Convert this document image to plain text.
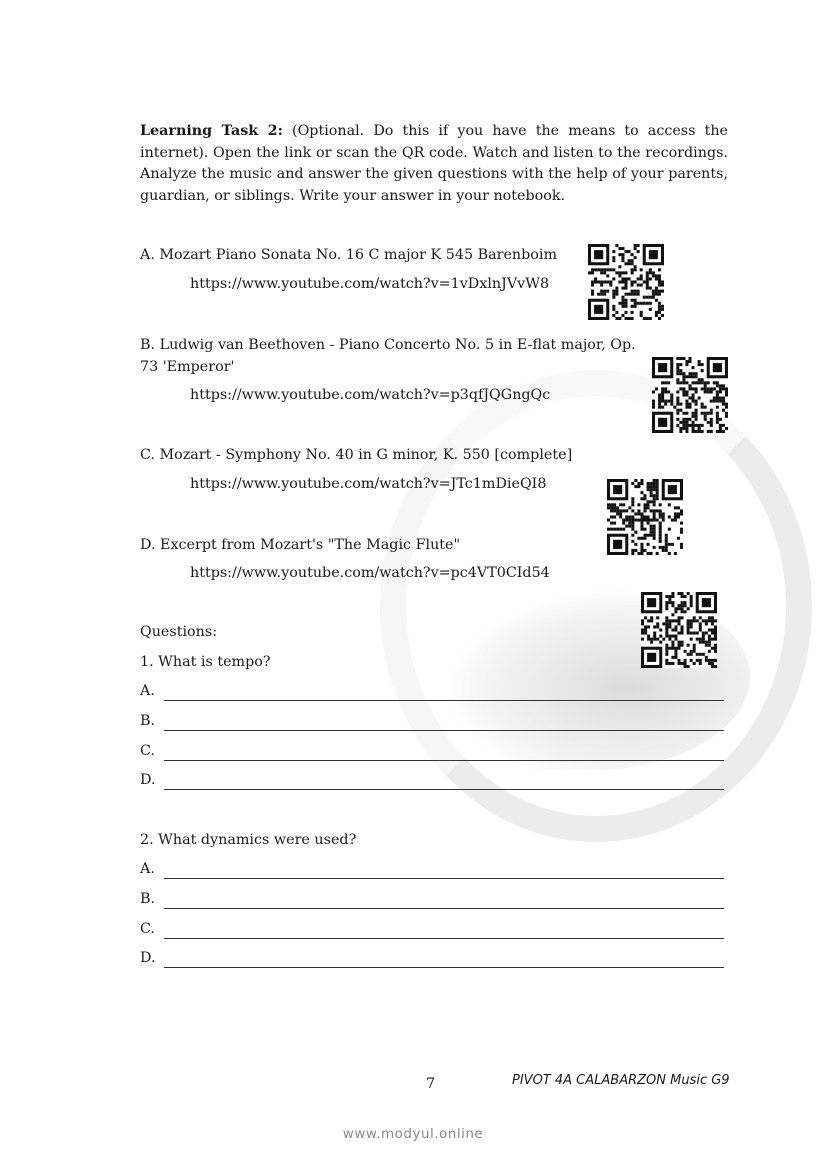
Learning Task 2: (Optional. Do this if you have the means to access the internet). Open the link or scan the QR code. Watch and listen to the recordings. Analyze the music and answer the given questions with the help of your parents, guardian, or siblings. Write your answer in your notebook.
A. Mozart Piano Sonata No. 16 C major K 545 Barenboim
https://www.youtube.com/watch?v=1vDxlnJVvW8
B. Ludwig van Beethoven - Piano Concerto No. 5 in E-flat major, Op. 73 'Emperor'
https://www.youtube.com/watch?v=p3qfJQGngQc
C. Mozart - Symphony No. 40 in G minor, K. 550 [complete]
https://www.youtube.com/watch?v=JTc1mDieQI8
D. Excerpt from Mozart's "The Magic Flute"
https://www.youtube.com/watch?v=pc4VT0CId54
Questions:
1. What is tempo?
A.
B.
C.
D.
2. What dynamics were used?
A.
B.
C.
D.
7	PIVOT 4A CALABARZON Music G9
www.modyul.online
